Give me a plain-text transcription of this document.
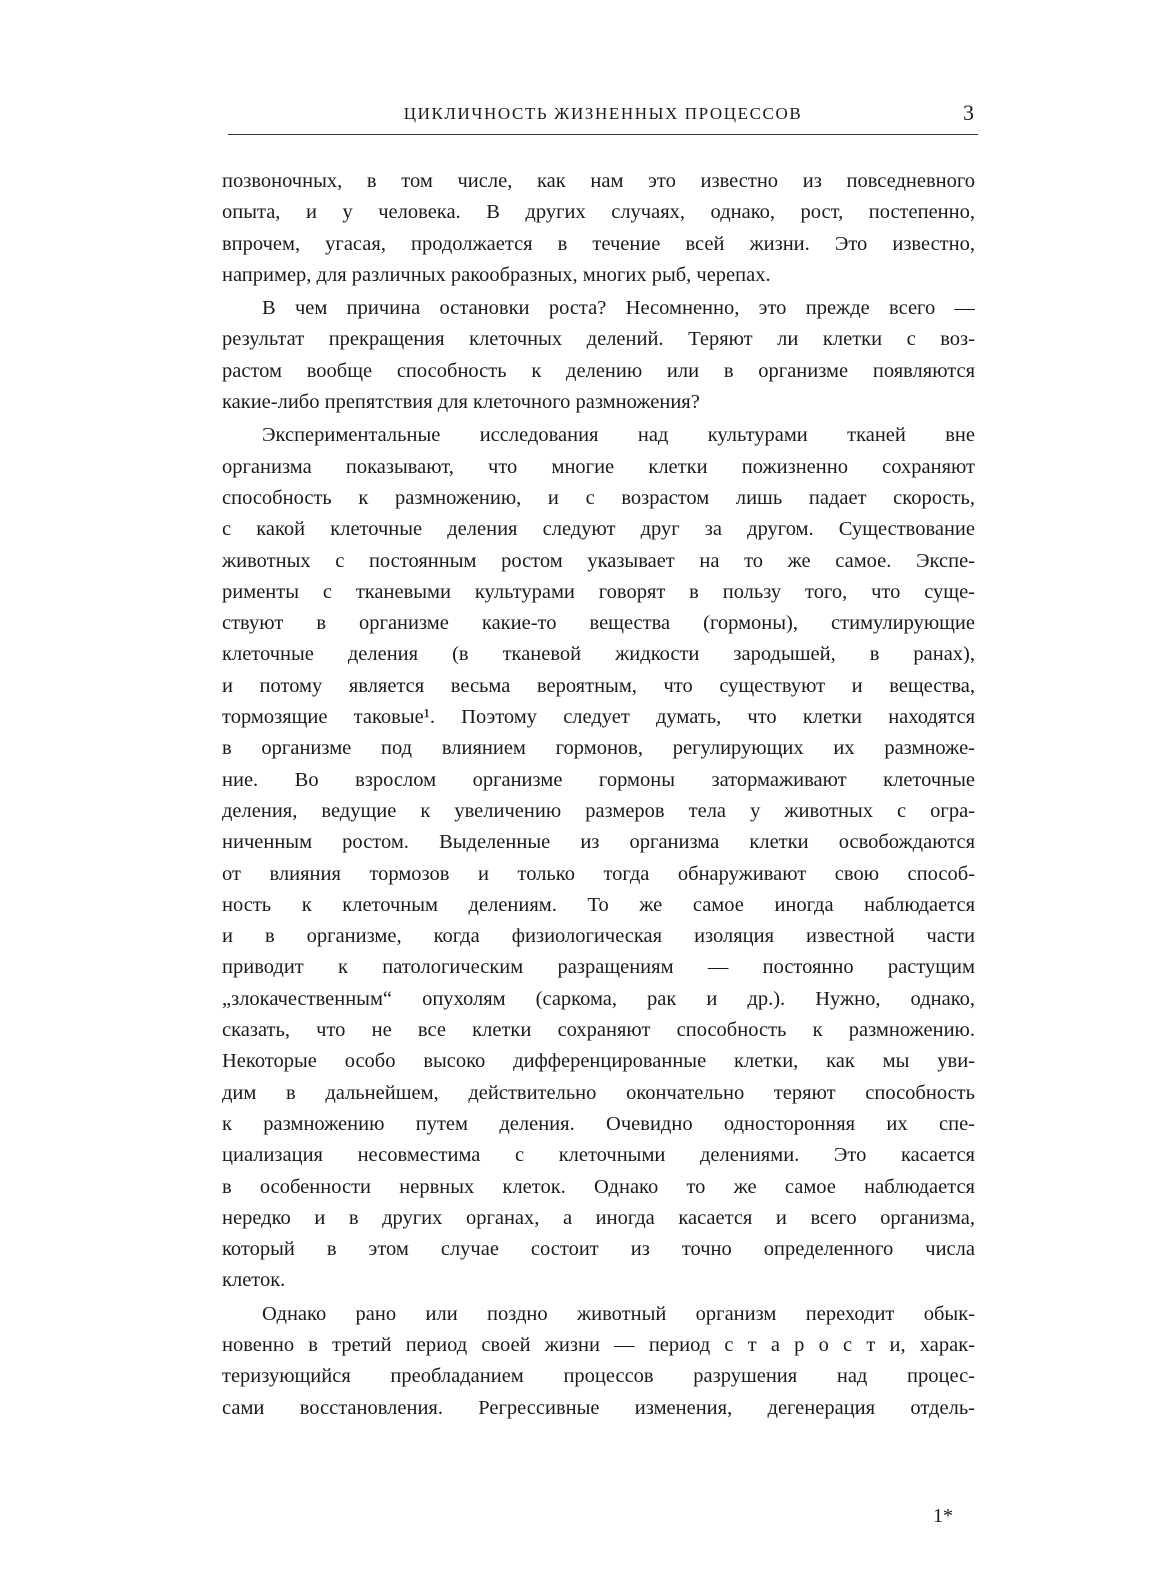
ЦИКЛИЧНОСТЬ ЖИЗНЕННЫХ ПРОЦЕССОВ	3
позвоночных, в том числе, как нам это известно из повседневного
опыта, и у человека. В других случаях, однако, рост, постепенно,
впрочем, угасая, продолжается в течение всей жизни. Это известно,
например, для различных ракообразных, многих рыб, черепах.
В чем причина остановки роста? Несомненно, это прежде всего —
результат прекращения клеточных делений. Теряют ли клетки с воз-
растом вообще способность к делению или в организме появляются
какие-либо препятствия для клеточного размножения?
Экспериментальные исследования над культурами тканей вне
организма показывают, что многие клетки пожизненно сохраняют
способность к размножению, и с возрастом лишь падает скорость,
с какой клеточные деления следуют друг за другом. Существование
животных с постоянным ростом указывает на то же самое. Экспе-
рименты с тканевыми культурами говорят в пользу того, что суще-
ствуют в организме какие-то вещества (гормоны), стимулирующие
клеточные деления (в тканевой жидкости зародышей, в ранах),
и потому является весьма вероятным, что существуют и вещества,
тормозящие таковые¹. Поэтому следует думать, что клетки находятся
в организме под влиянием гормонов, регулирующих их размноже-
ние. Во взрослом организме гормоны затормаживают клеточные
деления, ведущие к увеличению размеров тела у животных с огра-
ниченным ростом. Выделенные из организма клетки освобождаются
от влияния тормозов и только тогда обнаруживают свою способ-
ность к клеточным делениям. То же самое иногда наблюдается
и в организме, когда физиологическая изоляция известной части
приводит к патологическим разращениям — постоянно растущим
„злокачественным“ опухолям (саркома, рак и др.). Нужно, однако,
сказать, что не все клетки сохраняют способность к размножению.
Некоторые особо высоко дифференцированные клетки, как мы уви-
дим в дальнейшем, действительно окончательно теряют способность
к размножению путем деления. Очевидно односторонняя их спе-
циализация несовместима с клеточными делениями. Это касается
в особенности нервных клеток. Однако то же самое наблюдается
нередко и в других органах, а иногда касается и всего организма,
который в этом случае состоит из точно определенного числа
клеток.
Однако рано или поздно животный организм переходит обык-
новенно в третий период своей жизни — период с т а р о с т и, харак-
теризующийся преобладанием процессов разрушения над процес-
сами восстановления. Регрессивные изменения, дегенерация отдель-
1*
